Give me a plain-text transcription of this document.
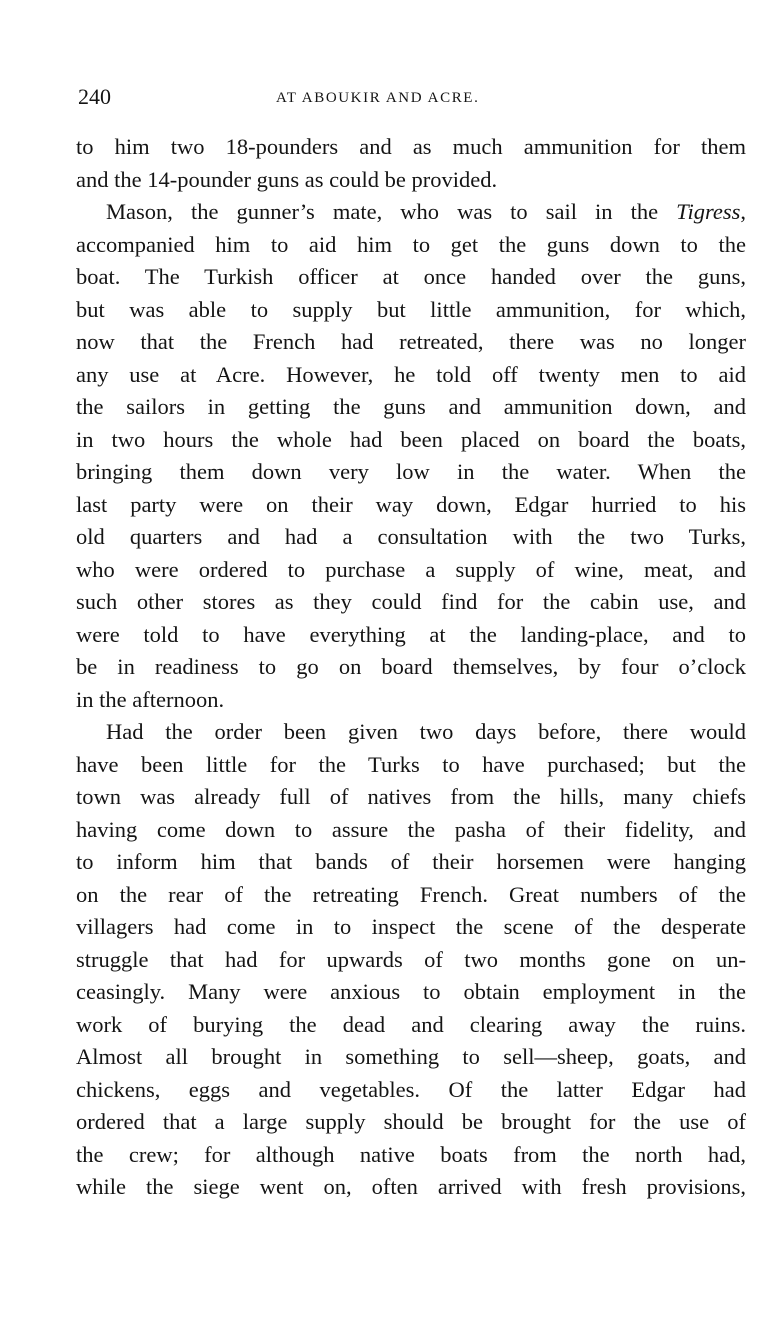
240	AT ABOUKIR AND ACRE.
to him two 18-pounders and as much ammunition for them
and the 14-pounder guns as could be provided.
Mason, the gunner’s mate, who was to sail in the Tigress,
accompanied him to aid him to get the guns down to the
boat. The Turkish officer at once handed over the guns,
but was able to supply but little ammunition, for which,
now that the French had retreated, there was no longer
any use at Acre. However, he told off twenty men to aid
the sailors in getting the guns and ammunition down, and
in two hours the whole had been placed on board the boats,
bringing them down very low in the water. When the
last party were on their way down, Edgar hurried to his
old quarters and had a consultation with the two Turks,
who were ordered to purchase a supply of wine, meat, and
such other stores as they could find for the cabin use, and
were told to have everything at the landing-place, and to
be in readiness to go on board themselves, by four o’clock
in the afternoon.
Had the order been given two days before, there would
have been little for the Turks to have purchased; but the
town was already full of natives from the hills, many chiefs
having come down to assure the pasha of their fidelity, and
to inform him that bands of their horsemen were hanging
on the rear of the retreating French. Great numbers of the
villagers had come in to inspect the scene of the desperate
struggle that had for upwards of two months gone on un-
ceasingly. Many were anxious to obtain employment in the
work of burying the dead and clearing away the ruins.
Almost all brought in something to sell—sheep, goats, and
chickens, eggs and vegetables. Of the latter Edgar had
ordered that a large supply should be brought for the use of
the crew; for although native boats from the north had,
while the siege went on, often arrived with fresh provisions,
